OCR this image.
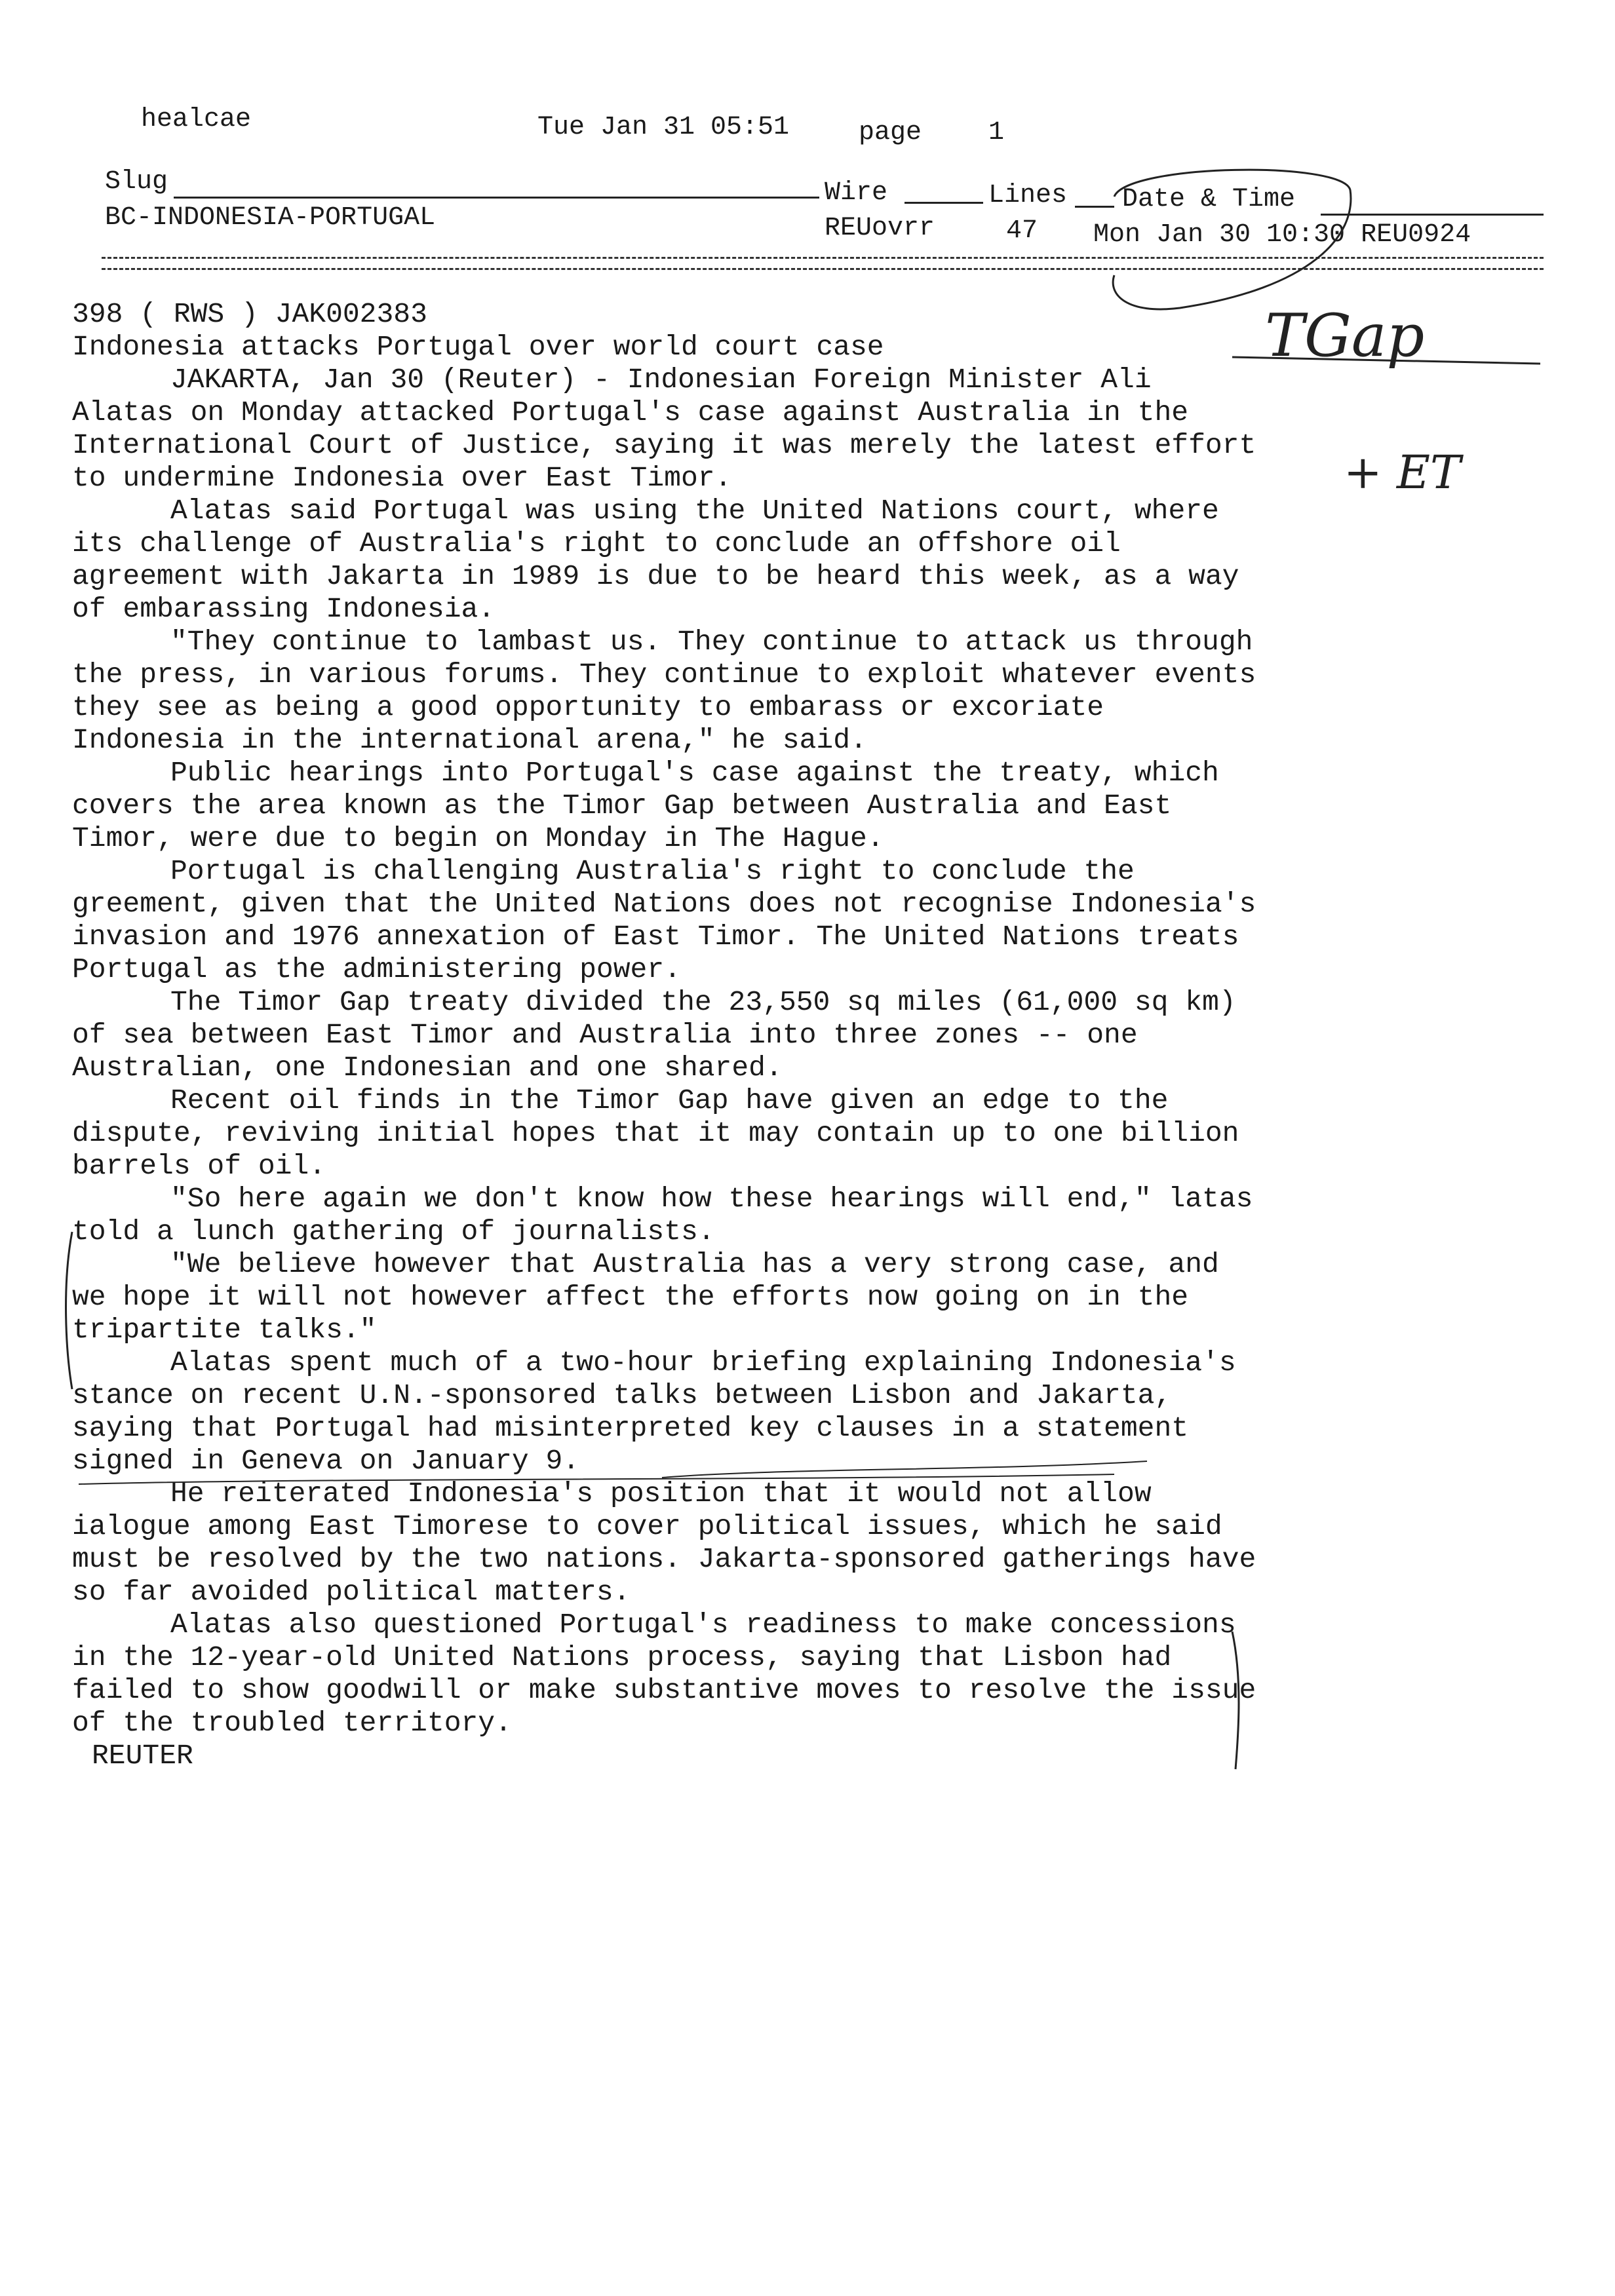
healcae	Tue Jan 31 05:51	page	1
Slug	Wire	Lines Date & Time
BC-INDONESIA-PORTUGAL	REUovrr	47 Mon Jan 30 10:30 REU0924
398 ( RWS ) JAK002383
Indonesia attacks Portugal over world court case
JAKARTA, Jan 30 (Reuter) - Indonesian Foreign Minister Ali Alatas on Monday attacked Portugal's case against Australia in the International Court of Justice, saying it was merely the latest effort to undermine Indonesia over East Timor.
Alatas said Portugal was using the United Nations court, where its challenge of Australia's right to conclude an offshore oil agreement with Jakarta in 1989 is due to be heard this week, as a way of embarassing Indonesia.
"They continue to lambast us. They continue to attack us through the press, in various forums. They continue to exploit whatever events they see as being a good opportunity to embarass or excoriate Indonesia in the international arena," he said.
Public hearings into Portugal's case against the treaty, which covers the area known as the Timor Gap between Australia and East Timor, were due to begin on Monday in The Hague.
Portugal is challenging Australia's right to conclude the greement, given that the United Nations does not recognise Indonesia's invasion and 1976 annexation of East Timor. The United Nations treats Portugal as the administering power.
The Timor Gap treaty divided the 23,550 sq miles (61,000 sq km) of sea between East Timor and Australia into three zones -- one Australian, one Indonesian and one shared.
Recent oil finds in the Timor Gap have given an edge to the dispute, reviving initial hopes that it may contain up to one billion barrels of oil.
"So here again we don't know how these hearings will end," latas told a lunch gathering of journalists.
"We believe however that Australia has a very strong case, and we hope it will not however affect the efforts now going on in the tripartite talks."
Alatas spent much of a two-hour briefing explaining Indonesia's stance on recent U.N.-sponsored talks between Lisbon and Jakarta, saying that Portugal had misinterpreted key clauses in a statement signed in Geneva on January 9.
He reiterated Indonesia's position that it would not allow ialogue among East Timorese to cover political issues, which he said must be resolved by the two nations. Jakarta-sponsored gatherings have so far avoided political matters.
Alatas also questioned Portugal's readiness to make concessions in the 12-year-old United Nations process, saying that Lisbon had failed to show goodwill or make substantive moves to resolve the issue of the troubled territory.
REUTER
TGap
+ ET
